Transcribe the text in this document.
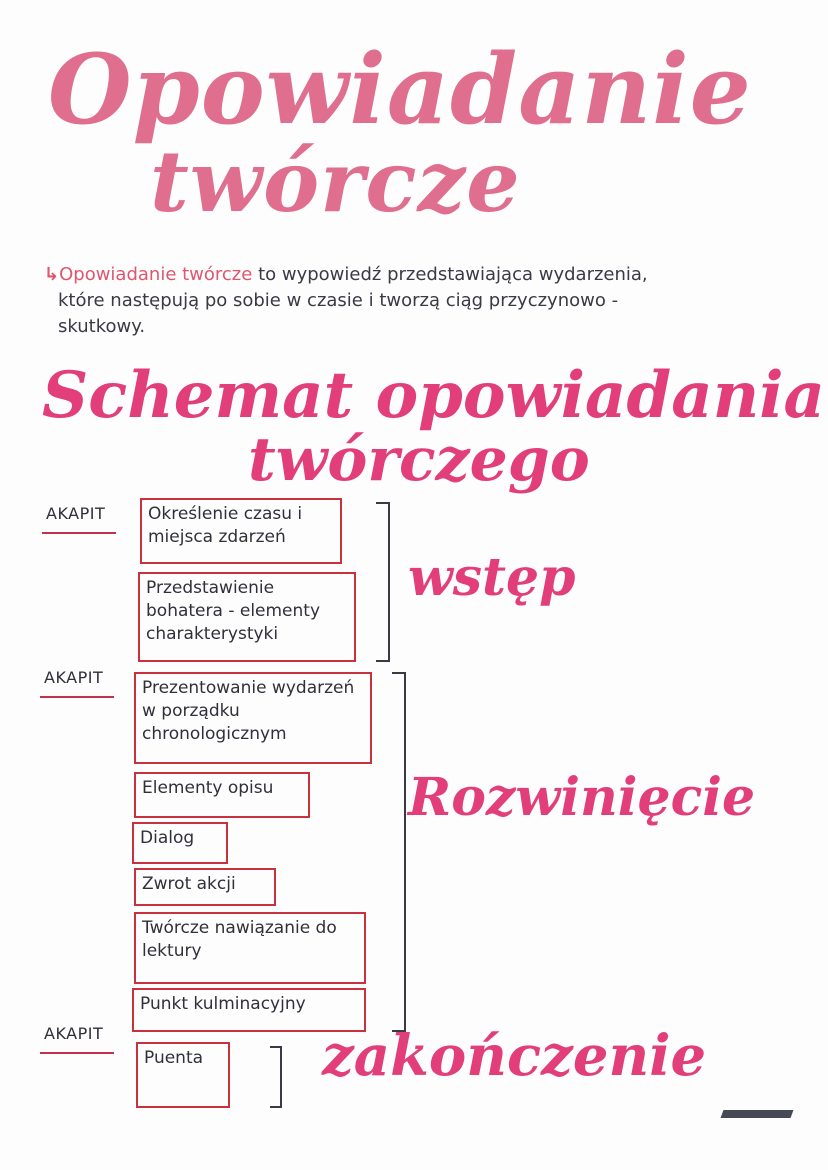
Opowiadanie
twórcze
↳Opowiadanie twórcze to wypowiedź przedstawiająca wydarzenia,
które następują po sobie w czasie i tworzą ciąg przyczynowo -
skutkowy.
Schemat opowiadania
twórczego
AKAPIT
AKAPIT
AKAPIT
Określenie czasu i miejsca zdarzeń
Przedstawienie bohatera - elementy charakterystyki
Prezentowanie wydarzeń w porządku chronologicznym
Elementy opisu
Dialog
Zwrot akcji
Twórcze nawiązanie do lektury
Punkt kulminacyjny
Puenta
wstęp
Rozwinięcie
zakończenie
